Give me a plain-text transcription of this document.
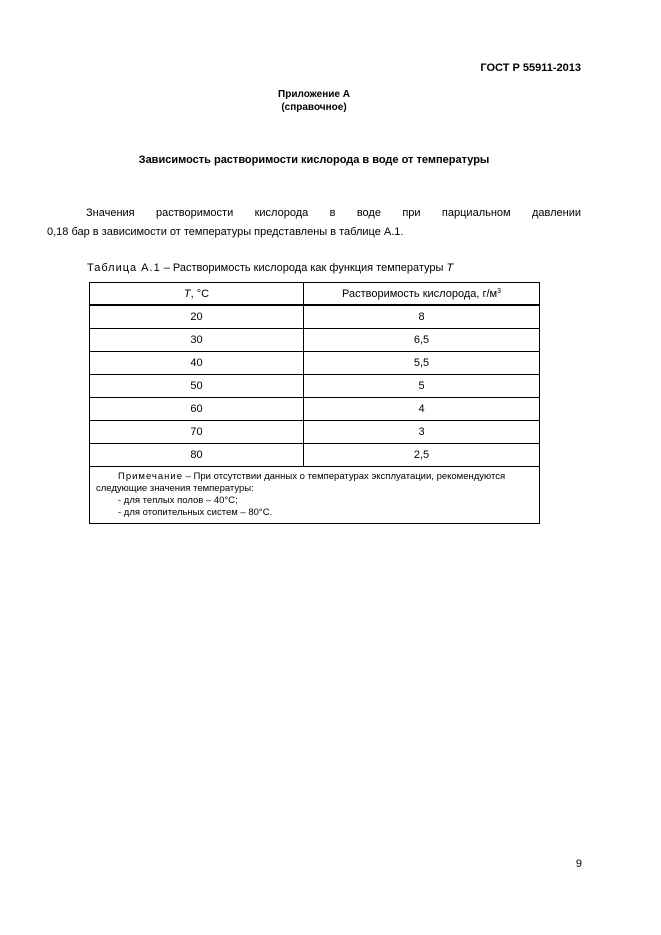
ГОСТ Р 55911-2013
Приложение А
(справочное)
Зависимость растворимости кислорода в воде от температуры

Значения растворимости кислорода в воде при парциальном давлении
0,18 бар в зависимости от температуры представлены в таблице А.1.

Таблица А.1 – Растворимость кислорода как функция температуры T
T, °C	Растворимость кислорода, $г/м^3$
20	8
30	6,5
40	5,5
50	5
60	4
70	3
80	2,5
Примечание – При отсутствии данных о температурах эксплуатации, рекомендуются следующие значения температуры:
- для теплых полов – 40°C;
- для отопительных систем – 80°C.	
9
